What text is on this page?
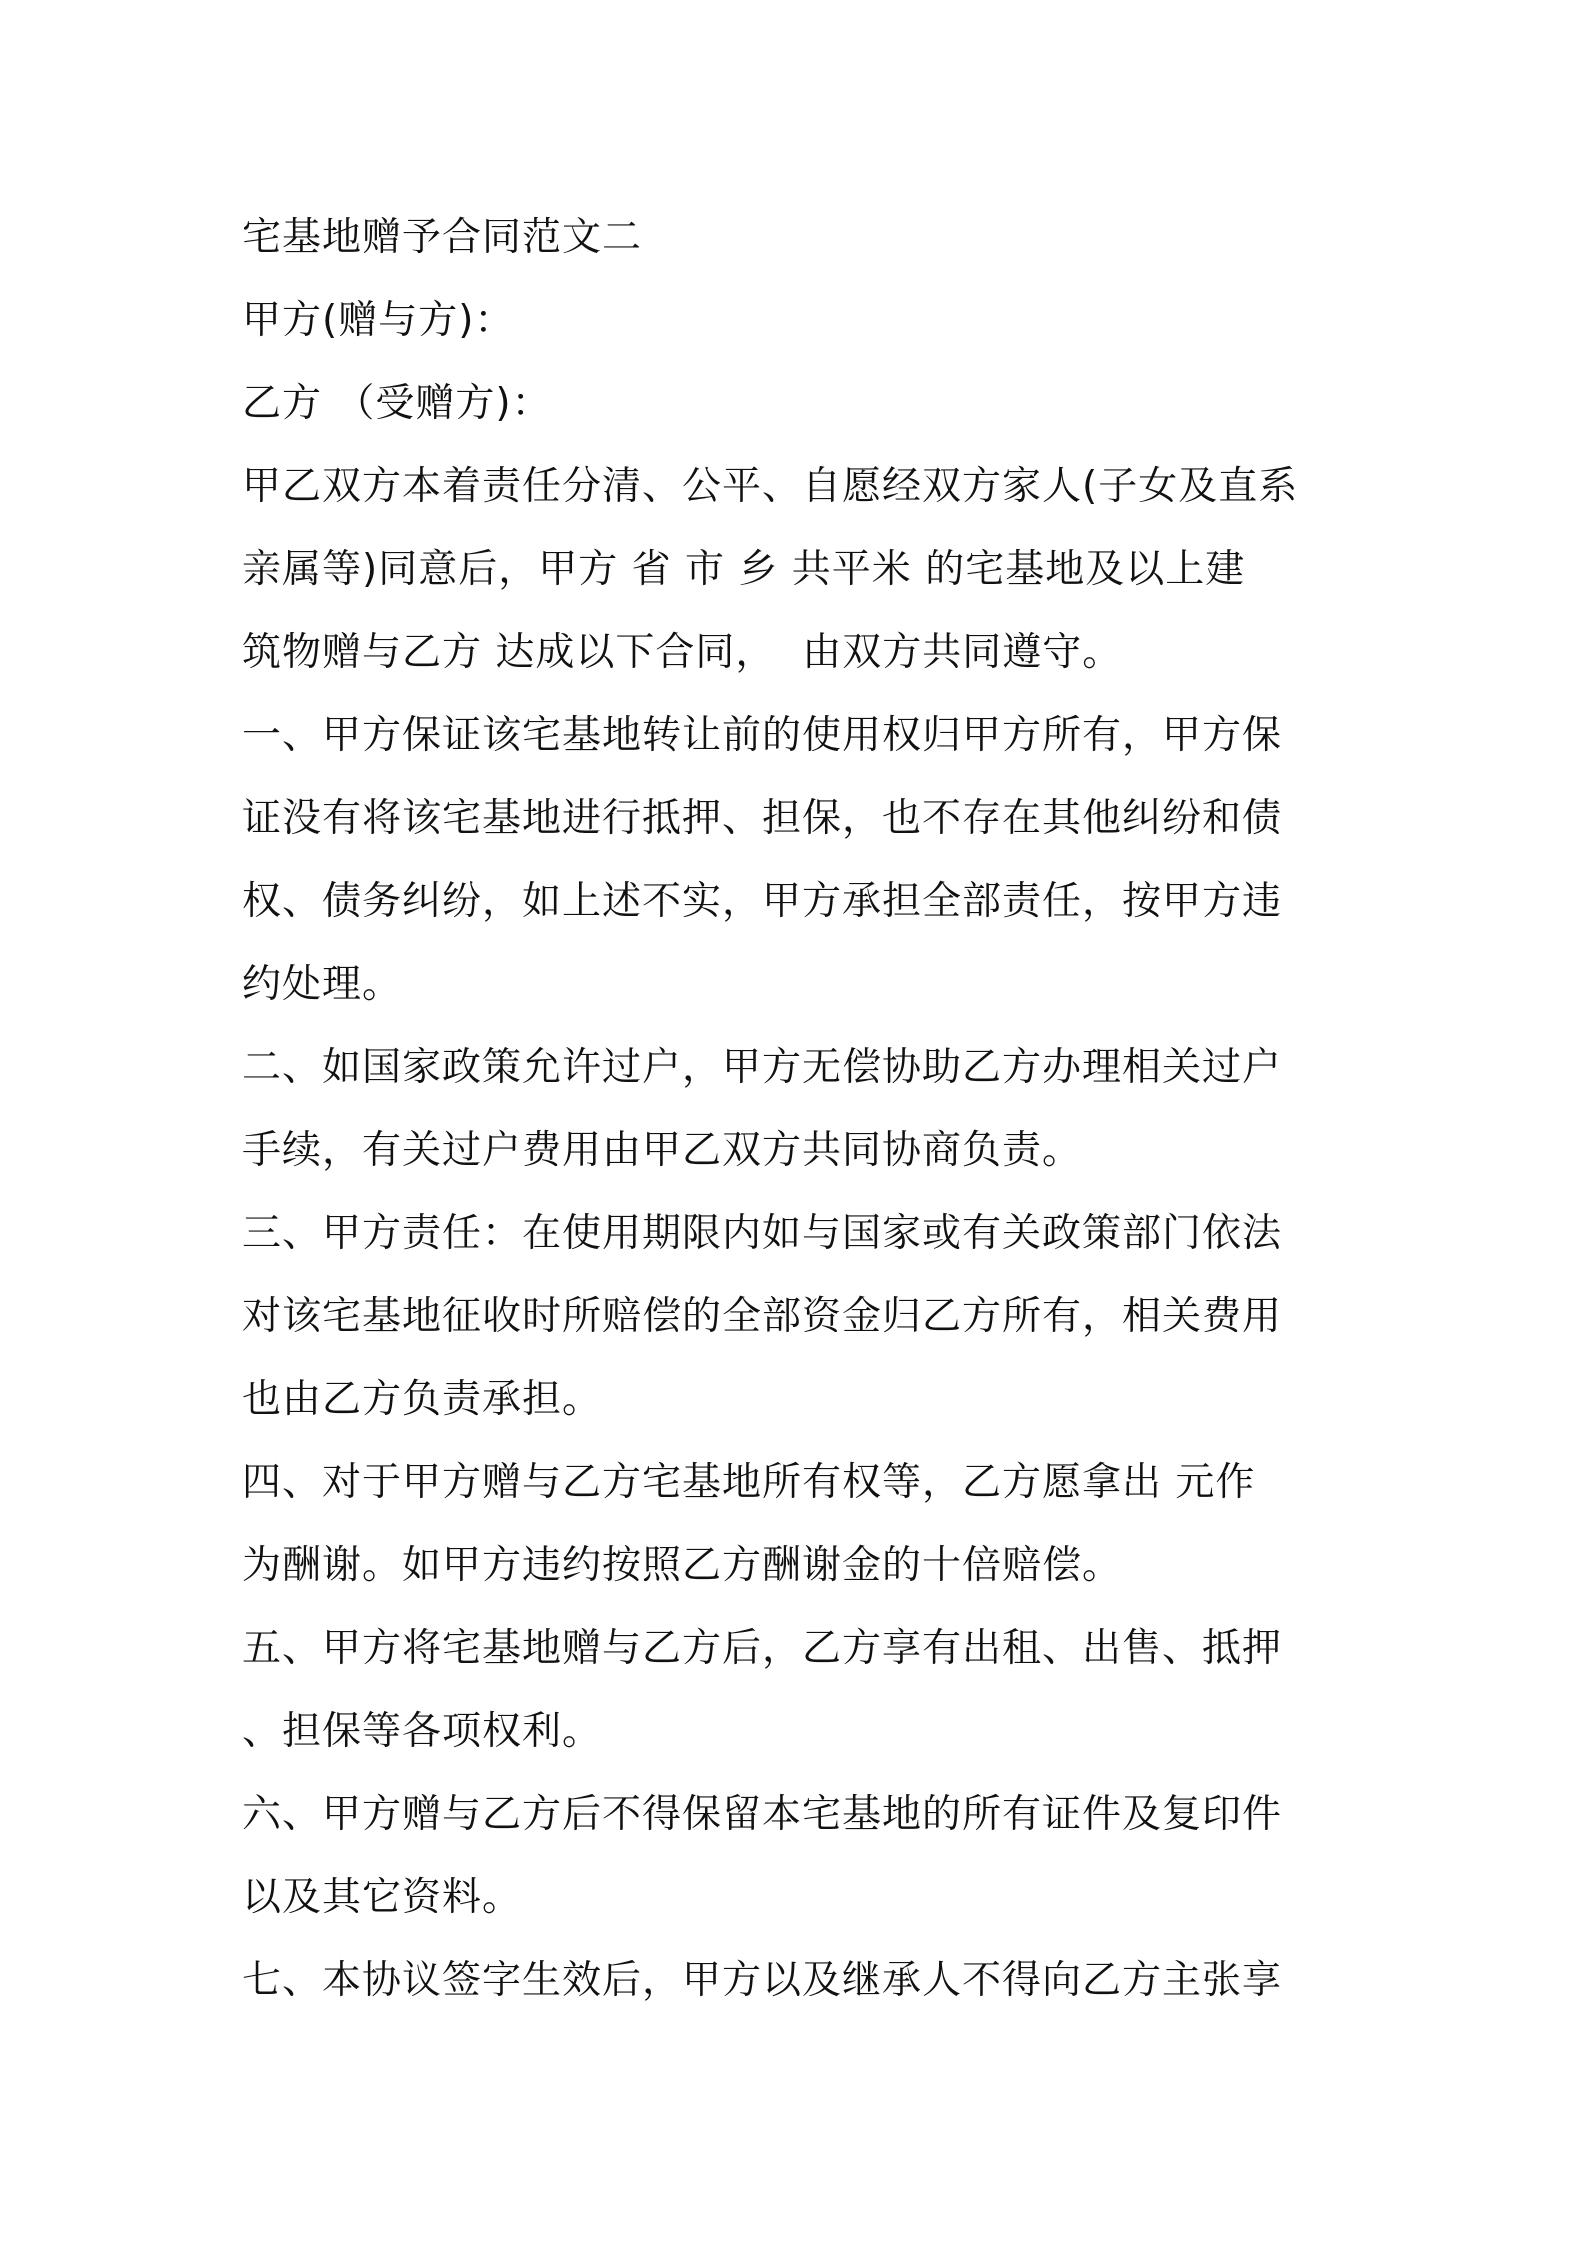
宅基地赠予合同范文二
甲方(赠与方)：
乙方 （受赠方)：
甲乙双方本着责任分清、公平、自愿经双方家人(子女及直系
亲属等)同意后，甲方 省 市 乡 共平米 的宅基地及以上建
筑物赠与乙方 达成以下合同，  由双方共同遵守。
一、甲方保证该宅基地转让前的使用权归甲方所有，甲方保
证没有将该宅基地进行抵押、担保，也不存在其他纠纷和债
权、债务纠纷，如上述不实，甲方承担全部责任，按甲方违
约处理。
二、如国家政策允许过户，甲方无偿协助乙方办理相关过户
手续，有关过户费用由甲乙双方共同协商负责。
三、甲方责任：在使用期限内如与国家或有关政策部门依法
对该宅基地征收时所赔偿的全部资金归乙方所有，相关费用
也由乙方负责承担。
四、对于甲方赠与乙方宅基地所有权等，乙方愿拿出 元作
为酬谢。如甲方违约按照乙方酬谢金的十倍赔偿。
五、甲方将宅基地赠与乙方后，乙方享有出租、出售、抵押
、担保等各项权利。
六、甲方赠与乙方后不得保留本宅基地的所有证件及复印件
以及其它资料。
七、本协议签字生效后，甲方以及继承人不得向乙方主张享
